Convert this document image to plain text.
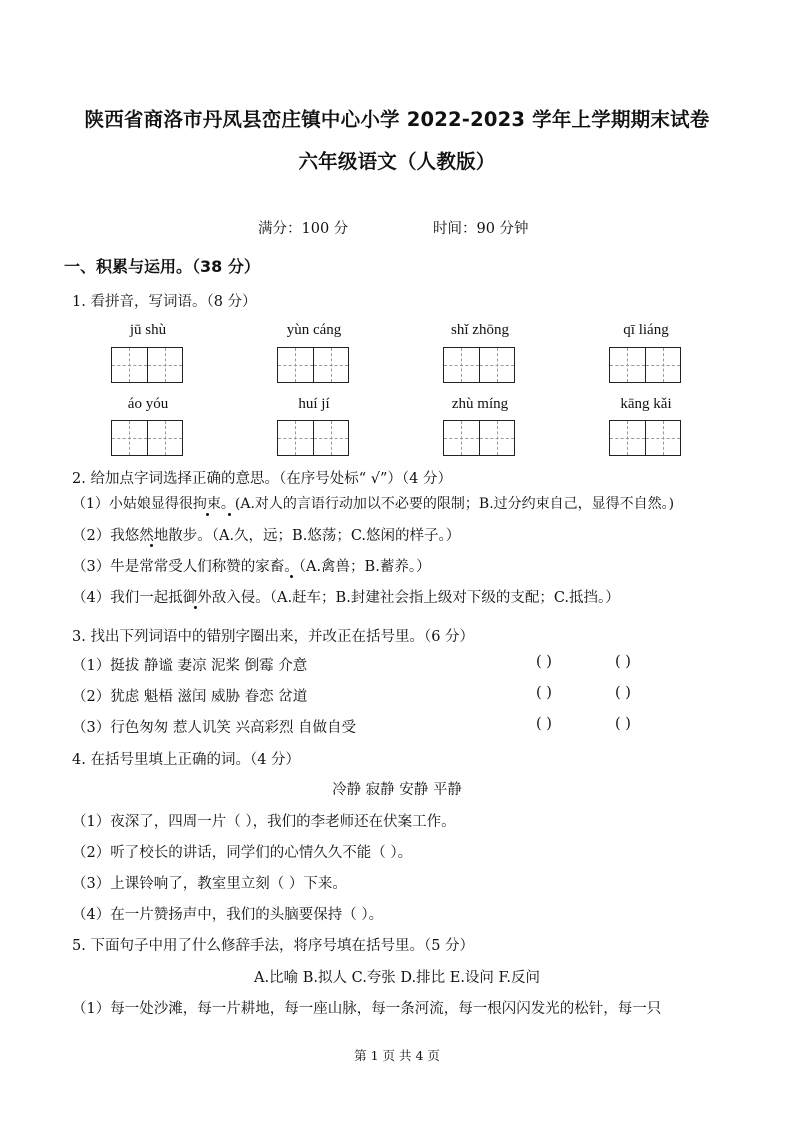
陕西省商洛市丹凤县峦庄镇中心小学 2022-2023 学年上学期期末试卷
六年级语文（人教版）
满分：100 分	时间：90 分钟
一、积累与运用。（38 分）
1. 看拼音，写词语。（8 分）
jū shù	yùn cáng	shǐ zhōng	qī liáng
áo yóu	huí jí	zhù míng	kāng kǎi
2. 给加点字词选择正确的意思。（在序号处标“ √”）（4 分）
（1）小姑娘显得很拘束。(A.对人的言语行动加以不必要的限制；B.过分约束自己，显得不自然。)
（2）我悠然地散步。（A.久，远；B.悠荡；C.悠闲的样子。）
（3）牛是常常受人们称赞的家畜。（A.禽兽；B.蓄养。）
（4）我们一起抵御外敌入侵。（A.赶车；B.封建社会指上级对下级的支配；C.抵挡。）
3. 找出下列词语中的错别字圈出来，并改正在括号里。（6 分）
（1）挺拔 静谧 妻凉 泥桨 倒霉 介意	( )	( )
（2）犹虑 魁梧 滋闰 威胁 眷恋 岔道	( )	( )
（3）行色匆匆 惹人讥笑 兴高彩烈 自做自受	( )	( )
4. 在括号里填上正确的词。（4 分）
冷静 寂静 安静 平静
（1）夜深了，四周一片（ ），我们的李老师还在伏案工作。
（2）听了校长的讲话，同学们的心情久久不能（ ）。
（3）上课铃响了，教室里立刻（ ）下来。
（4）在一片赞扬声中，我们的头脑要保持（ ）。
5. 下面句子中用了什么修辞手法，将序号填在括号里。（5 分）
A.比喻 B.拟人 C.夸张 D.排比 E.设问 F.反问
（1）每一处沙滩，每一片耕地，每一座山脉，每一条河流，每一根闪闪发光的松针，每一只
第 1 页 共 4 页
